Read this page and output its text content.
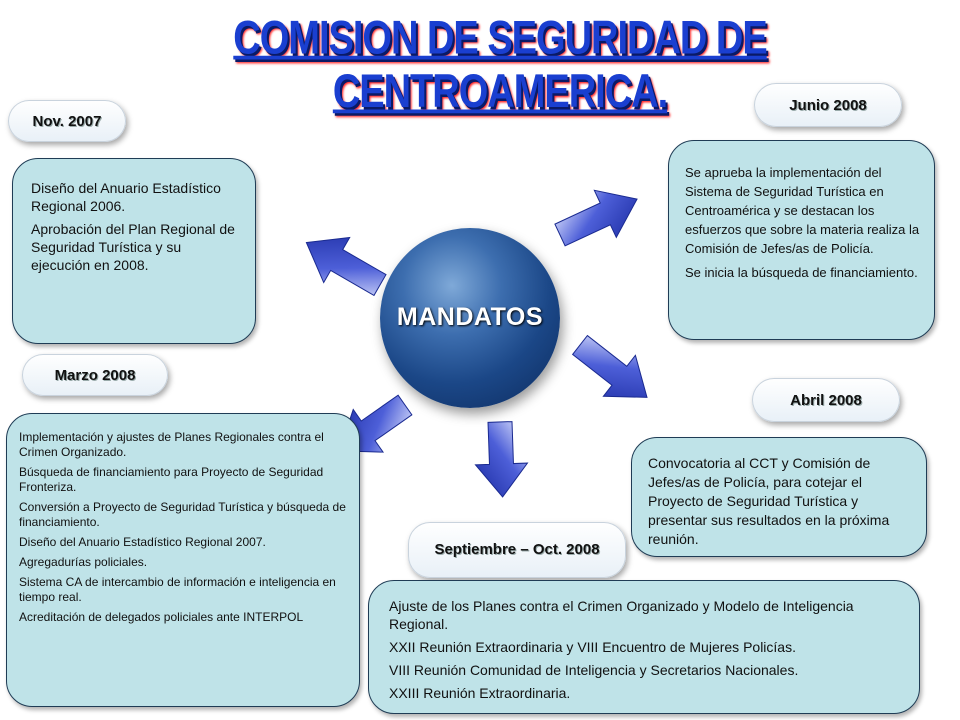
COMISION DE SEGURIDAD DE CENTROAMERICA.
MANDATOS
Nov. 2007

Diseño del Anuario Estadístico Regional 2006.

Aprobación del Plan Regional de Seguridad Turística y su ejecución en 2008.

Junio 2008

Se aprueba la implementación del Sistema de Seguridad Turística en Centroamérica y se destacan los esfuerzos que sobre la materia realiza la Comisión de Jefes/as de Policía.

Se inicia la búsqueda de financiamiento.

Marzo 2008

Implementación y ajustes de Planes Regionales contra el Crimen Organizado.

Búsqueda de financiamiento para Proyecto de Seguridad Fronteriza.

Conversión a Proyecto de Seguridad Turística y búsqueda de financiamiento.

Diseño del Anuario Estadístico Regional 2007.

Agregadurías policiales.

Sistema CA de intercambio de información e inteligencia en tiempo real.

Acreditación de delegados policiales ante INTERPOL

Abril 2008

Convocatoria al CCT y Comisión de Jefes/as de Policía, para cotejar el Proyecto de Seguridad Turística y presentar sus resultados en la próxima reunión.

Septiembre – Oct. 2008

Ajuste de los Planes contra el Crimen Organizado y Modelo de Inteligencia Regional.

XXII Reunión Extraordinaria y VIII Encuentro de Mujeres Policías.

VIII Reunión Comunidad de Inteligencia y Secretarios Nacionales.

XXIII Reunión Extraordinaria.
